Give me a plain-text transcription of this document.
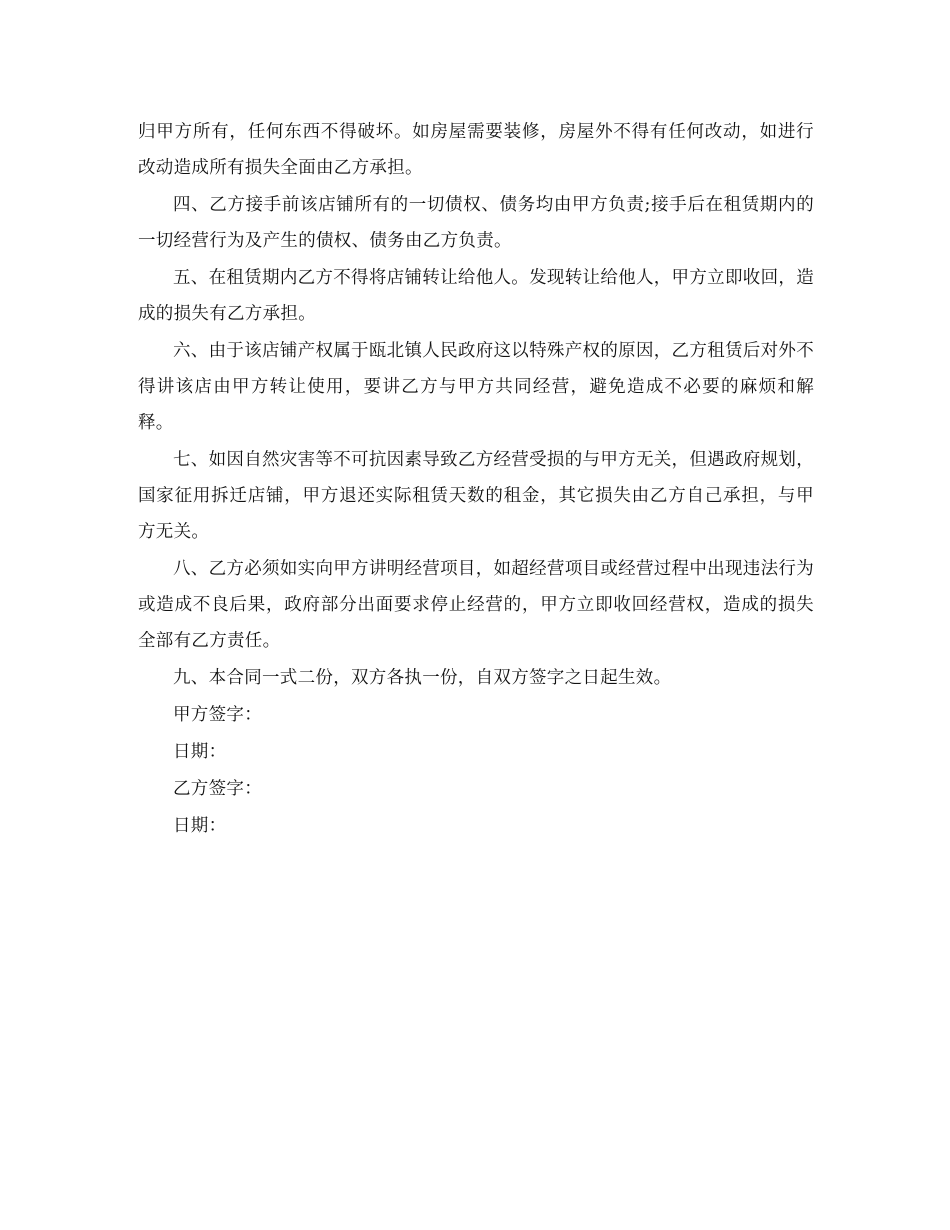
归甲方所有，任何东西不得破坏。如房屋需要装修，房屋外不得有任何改动，如进行改动造成所有损失全面由乙方承担。

四、乙方接手前该店铺所有的一切债权、债务均由甲方负责;接手后在租赁期内的一切经营行为及产生的债权、债务由乙方负责。

五、在租赁期内乙方不得将店铺转让给他人。发现转让给他人，甲方立即收回，造成的损失有乙方承担。

六、由于该店铺产权属于瓯北镇人民政府这以特殊产权的原因，乙方租赁后对外不得讲该店由甲方转让使用，要讲乙方与甲方共同经营，避免造成不必要的麻烦和解释。

七、如因自然灾害等不可抗因素导致乙方经营受损的与甲方无关，但遇政府规划，国家征用拆迁店铺，甲方退还实际租赁天数的租金，其它损失由乙方自己承担，与甲方无关。

八、乙方必须如实向甲方讲明经营项目，如超经营项目或经营过程中出现违法行为或造成不良后果，政府部分出面要求停止经营的，甲方立即收回经营权，造成的损失全部有乙方责任。

九、本合同一式二份，双方各执一份，自双方签字之日起生效。

甲方签字：
日期：
乙方签字：
日期：
